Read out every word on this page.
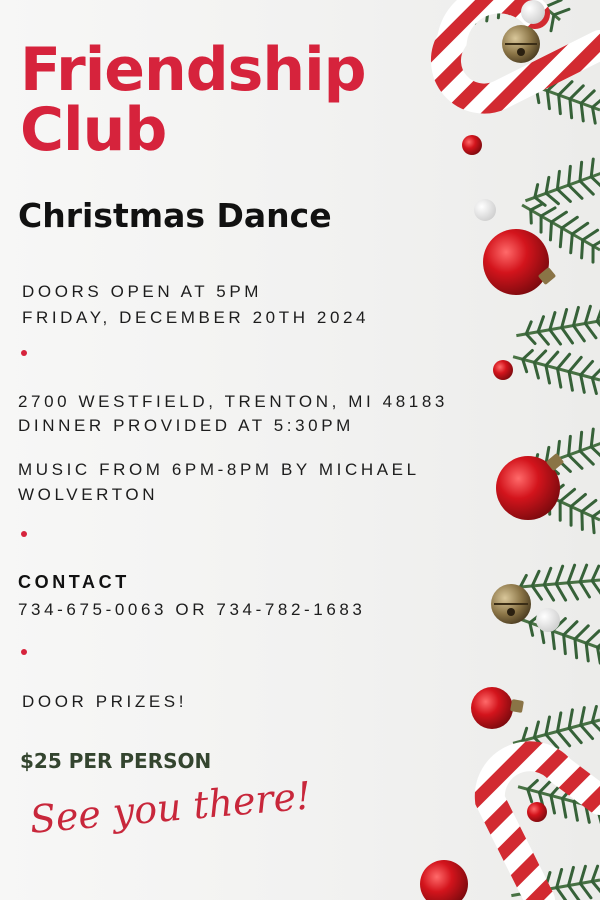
Friendship
Club
Christmas Dance
DOORS OPEN AT 5PM
FRIDAY, DECEMBER 20TH 2024
2700 WESTFIELD, TRENTON, MI 48183
DINNER PROVIDED AT 5:30PM
MUSIC FROM 6PM-8PM BY MICHAEL
WOLVERTON
CONTACT
734-675-0063 OR 734-782-1683
DOOR PRIZES!
$25 PER PERSON
See you there!
